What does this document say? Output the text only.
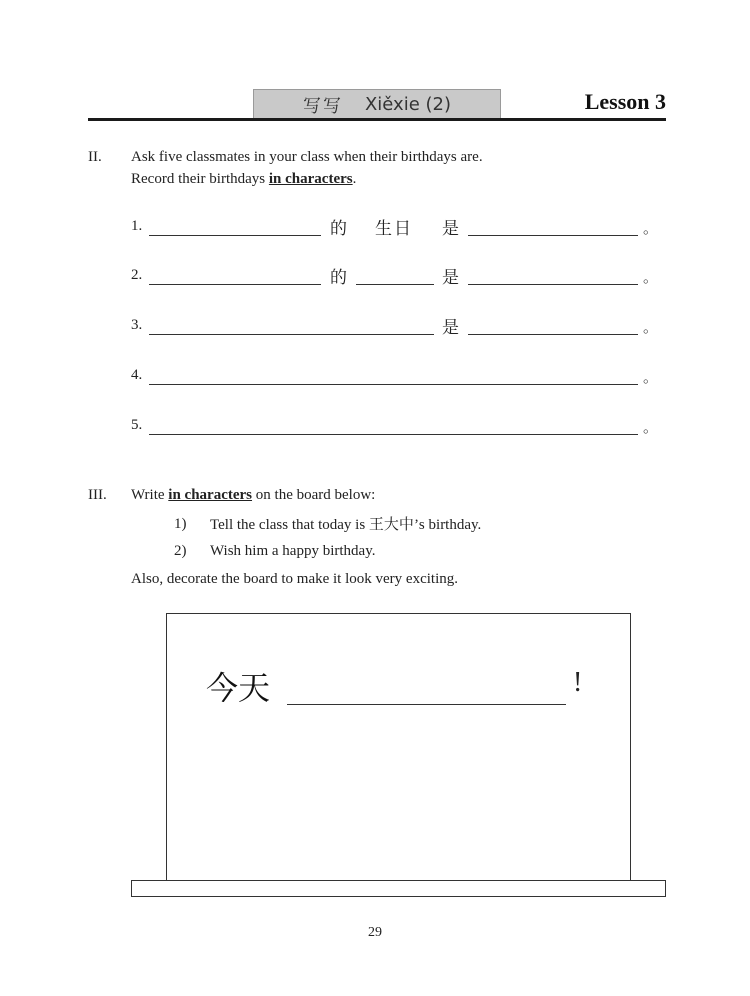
写写 Xiěxie (2)	Lesson 3
II. Ask five classmates in your class when their birthdays are.
Record their birthdays in characters.
1.	的 生日 是	。
2.	的	是	。
3.	是	。
4.	。
5.	。
III. Write in characters on the board below:
1) Tell the class that today is 王大中’s birthday.
2) Wish him a happy birthday.
Also, decorate the board to make it look very exciting.
今天	!
29
